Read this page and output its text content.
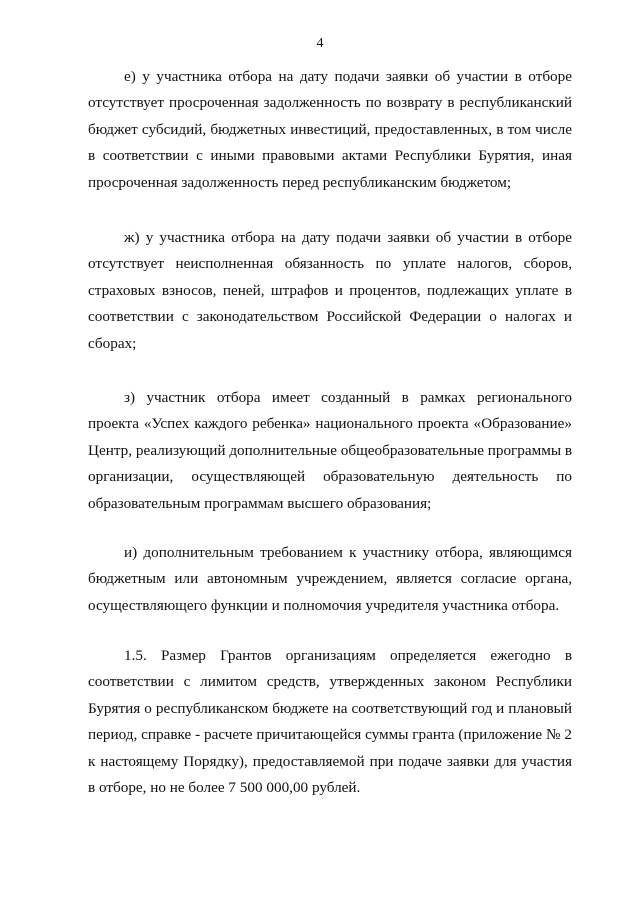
4

е) у участника отбора на дату подачи заявки об участии в отборе отсутствует просроченная задолженность по возврату в республиканский бюджет субсидий, бюджетных инвестиций, предоставленных, в том числе в соответствии с иными правовыми актами Республики Бурятия, иная просроченная задолженность перед республиканским бюджетом;

ж) у участника отбора на дату подачи заявки об участии в отборе отсутствует неисполненная обязанность по уплате налогов, сборов, страховых взносов, пеней, штрафов и процентов, подлежащих уплате в соответствии с законодательством Российской Федерации о налогах и сборах;

з) участник отбора имеет созданный в рамках регионального проекта «Успех каждого ребенка» национального проекта «Образование» Центр, реализующий дополнительные общеобразовательные программы в организации, осуществляющей образовательную деятельность по образовательным программам высшего образования;

и) дополнительным требованием к участнику отбора, являющимся бюджетным или автономным учреждением, является согласие органа, осуществляющего функции и полномочия учредителя участника отбора.

1.5. Размер Грантов организациям определяется ежегодно в соответствии с лимитом средств, утвержденных законом Республики Бурятия о республиканском бюджете на соответствующий год и плановый период, справке - расчете причитающейся суммы гранта (приложение № 2 к настоящему Порядку), предоставляемой при подаче заявки для участия в отборе, но не более 7 500 000,00 рублей.
